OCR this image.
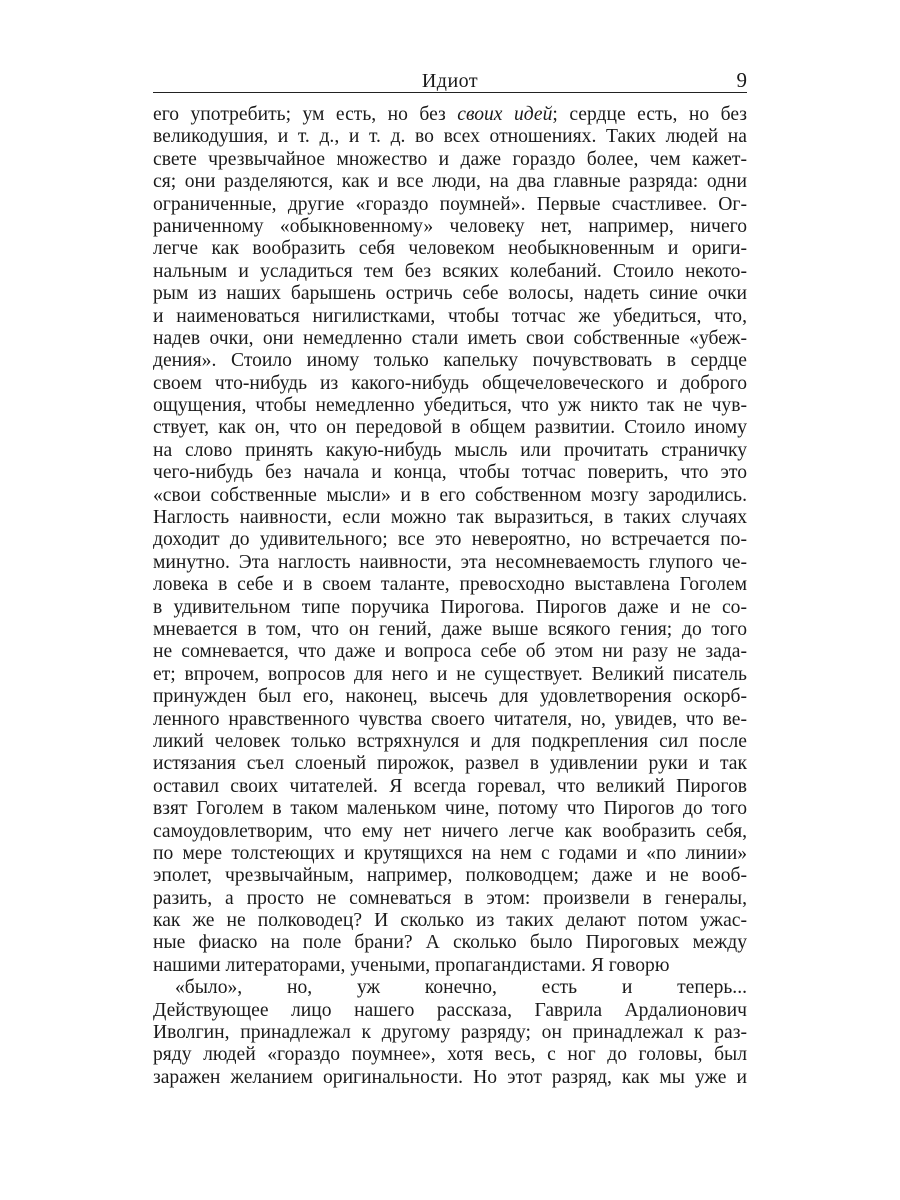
Идиот	9
его употребить; ум есть, но без своих идей; сердце есть, но без
великодушия, и т. д., и т. д. во всех отношениях. Таких людей на
свете чрезвычайное множество и даже гораздо более, чем кажет-
ся; они разделяются, как и все люди, на два главные разряда: одни
ограниченные, другие «гораздо поумней». Первые счастливее. Ог-
раниченному «обыкновенному» человеку нет, например, ничего
легче как вообразить себя человеком необыкновенным и ориги-
нальным и усладиться тем без всяких колебаний. Стоило некото-
рым из наших барышень остричь себе волосы, надеть синие очки
и наименоваться нигилистками, чтобы тотчас же убедиться, что,
надев очки, они немедленно стали иметь свои собственные «убеж-
дения». Стоило иному только капельку почувствовать в сердце
своем что-нибудь из какого-нибудь общечеловеческого и доброго
ощущения, чтобы немедленно убедиться, что уж никто так не чув-
ствует, как он, что он передовой в общем развитии. Стоило иному
на слово принять какую-нибудь мысль или прочитать страничку
чего-нибудь без начала и конца, чтобы тотчас поверить, что это
«свои собственные мысли» и в его собственном мозгу зародились.
Наглость наивности, если можно так выразиться, в таких случаях
доходит до удивительного; все это невероятно, но встречается по-
минутно. Эта наглость наивности, эта несомневаемость глупого че-
ловека в себе и в своем таланте, превосходно выставлена Гоголем
в удивительном типе поручика Пирогова. Пирогов даже и не со-
мневается в том, что он гений, даже выше всякого гения; до того
не сомневается, что даже и вопроса себе об этом ни разу не зада-
ет; впрочем, вопросов для него и не существует. Великий писатель
принужден был его, наконец, высечь для удовлетворения оскорб-
ленного нравственного чувства своего читателя, но, увидев, что ве-
ликий человек только встряхнулся и для подкрепления сил после
истязания съел слоеный пирожок, развел в удивлении руки и так
оставил своих читателей. Я всегда горевал, что великий Пирогов
взят Гоголем в таком маленьком чине, потому что Пирогов до того
самоудовлетворим, что ему нет ничего легче как вообразить себя,
по мере толстеющих и крутящихся на нем с годами и «по линии»
эполет, чрезвычайным, например, полководцем; даже и не вооб-
разить, а просто не сомневаться в этом: произвели в генералы,
как же не полководец? И сколько из таких делают потом ужас-
ные фиаско на поле брани? А сколько было Пироговых между
нашими литераторами, учеными, пропагандистами. Я говорю
«было», но, уж конечно, есть и теперь...
Действующее лицо нашего рассказа, Гаврила Ардалионович
Иволгин, принадлежал к другому разряду; он принадлежал к раз-
ряду людей «гораздо поумнее», хотя весь, с ног до головы, был
заражен желанием оригинальности. Но этот разряд, как мы уже и
